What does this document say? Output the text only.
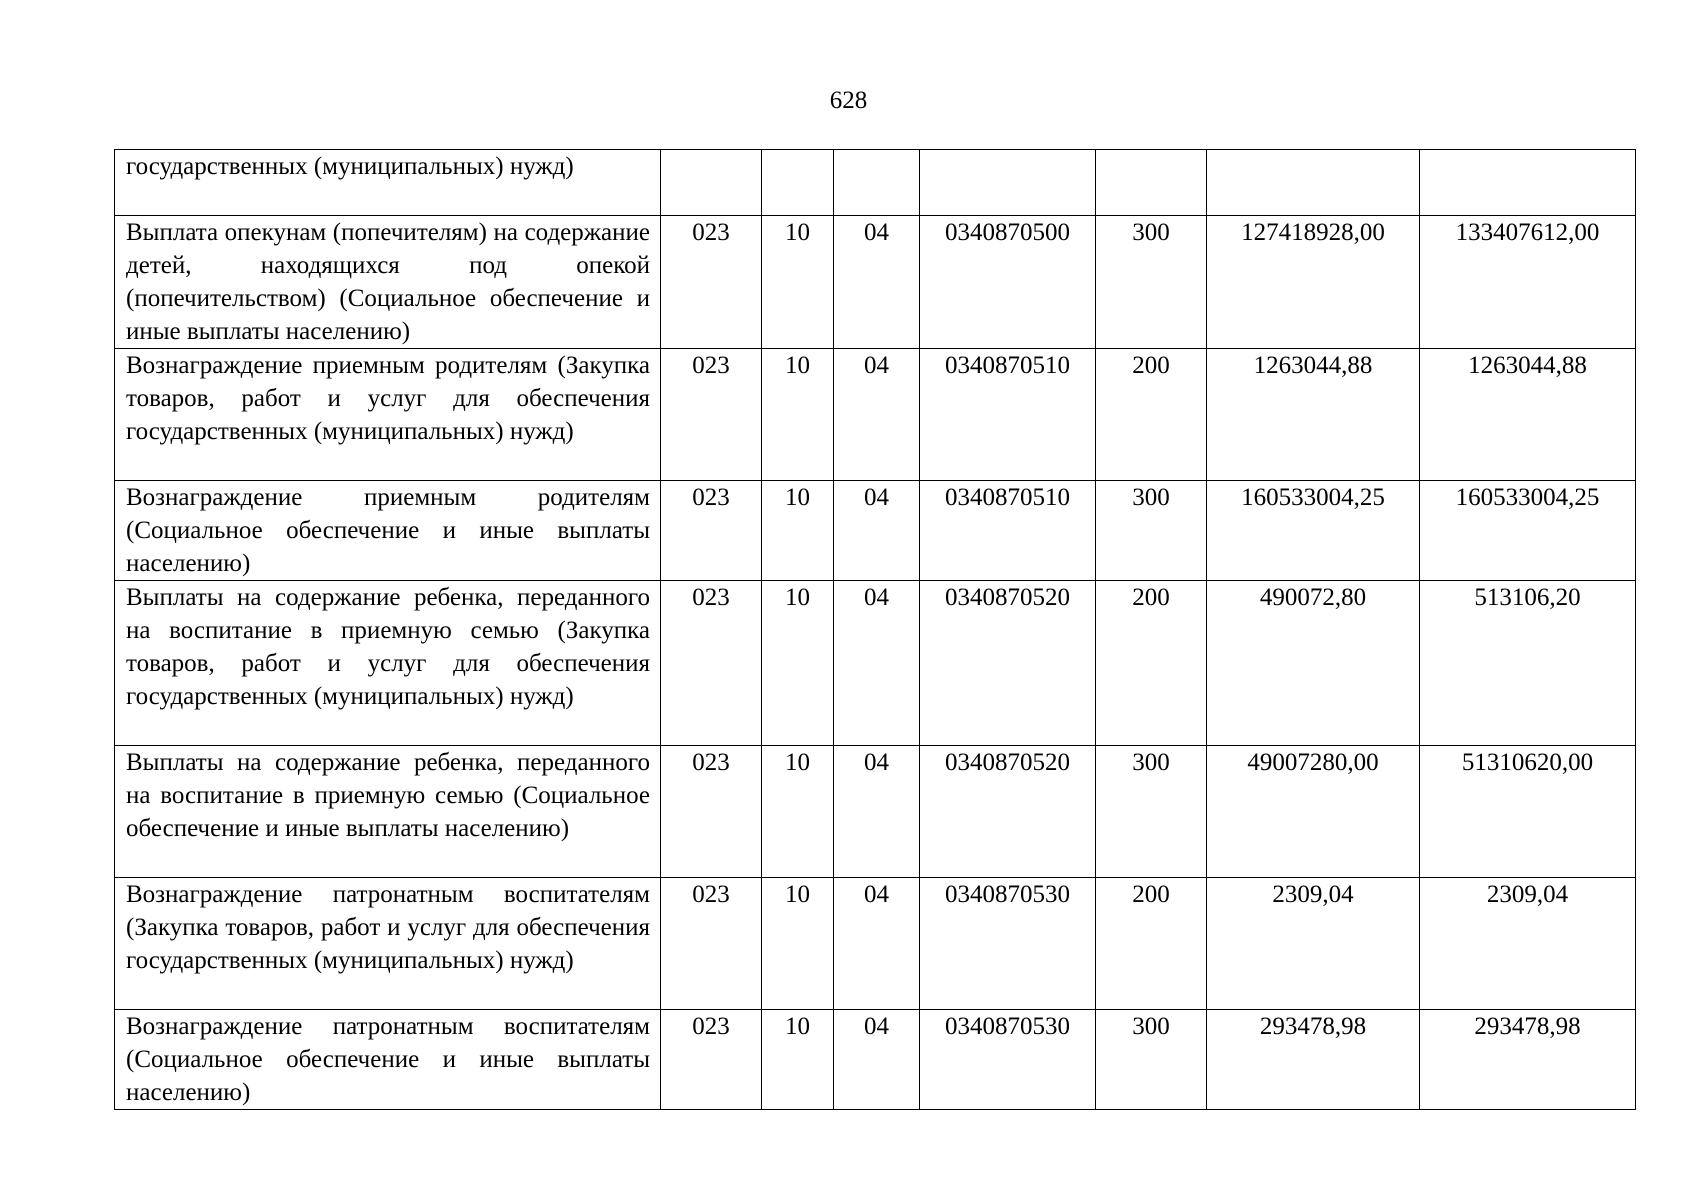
628
государственных (муниципальных) нужд)							

Выплата опекунам (попечителям) на содержание детей, находящихся под опекой (попечительством) (Социальное обеспечение и иные выплаты населению)	023	10	04	0340870500	300	127418928,00	133407612,00

Вознаграждение приемным родителям (Закупка товаров, работ и услуг для обеспечения государственных (муниципальных) нужд)	023	10	04	0340870510	200	1263044,88	1263044,88

Вознаграждение приемным родителям (Социальное обеспечение и иные выплаты населению)	023	10	04	0340870510	300	160533004,25	160533004,25

Выплаты на содержание ребенка, переданного на воспитание в приемную семью (Закупка товаров, работ и услуг для обеспечения государственных (муниципальных) нужд)	023	10	04	0340870520	200	490072,80	513106,20

Выплаты на содержание ребенка, переданного на воспитание в приемную семью (Социальное обеспечение и иные выплаты населению)	023	10	04	0340870520	300	49007280,00	51310620,00

Вознаграждение патронатным воспитателям (Закупка товаров, работ и услуг для обеспечения государственных (муниципальных) нужд)	023	10	04	0340870530	200	2309,04	2309,04

Вознаграждение патронатным воспитателям (Социальное обеспечение и иные выплаты населению)	023	10	04	0340870530	300	293478,98	293478,98
